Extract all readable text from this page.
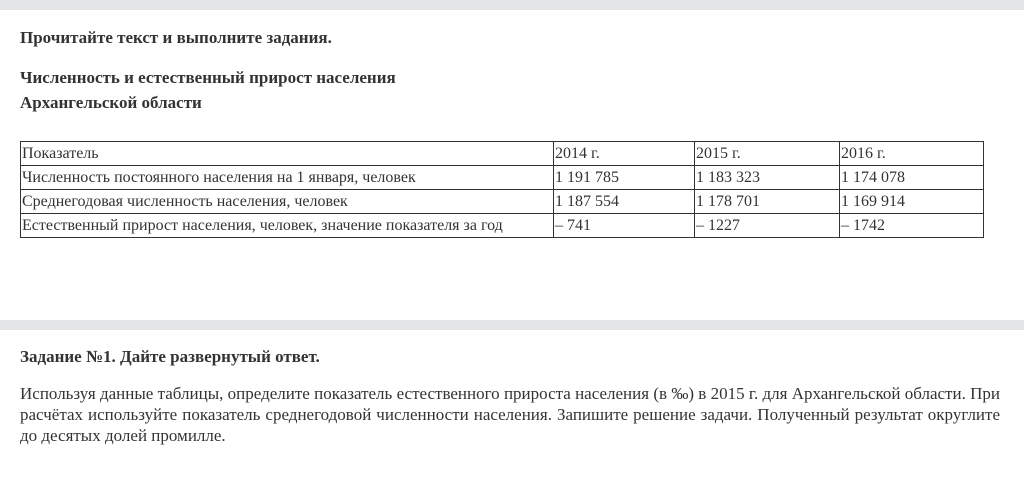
Прочитайте текст и выполните задания.

Численность и естественный прирост населения
Архангельской области
Показатель	2014 г.	2015 г.	2016 г.
Численность постоянного населения на 1 января, человек	1 191 785	1 183 323	1 174 078
Среднегодовая численность населения, человек	1 187 554	1 178 701	1 169 914
Естественный прирост населения, человек, значение показателя за год	– 741	– 1227	– 1742

Задание №1. Дайте развернутый ответ.

Используя данные таблицы, определите показатель естественного прироста населения (в ‰) в 2015 г. для Архангельской области. При расчётах используйте показатель среднегодовой численности населения. Запишите решение задачи. Полученный результат округлите до десятых долей промилле.
